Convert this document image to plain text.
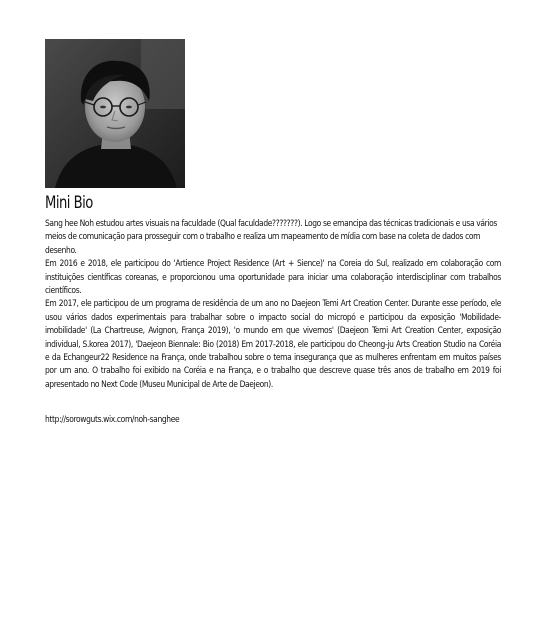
Mini Bio

Sang hee Noh estudou artes visuais na faculdade (Qual faculdade???????). Logo se emancipa das técnicas tradicionais e usa vários meios de comunicação para prosseguir com o trabalho e realiza um mapeamento de mídia com base na coleta de dados com desenho.

Em 2016 e 2018, ele participou do 'Artience Project Residence (Art + Sience)' na Coreia do Sul, realizado em colaboração com instituições científicas coreanas, e proporcionou uma oportunidade para iniciar uma colaboração interdisciplinar com trabalhos científicos.

Em 2017, ele participou de um programa de residência de um ano no Daejeon Temi Art Creation Center. Durante esse período, ele usou vários dados experimentais para trabalhar sobre o impacto social do micropó e participou da exposição 'Mobilidade-imobilidade' (La Chartreuse, Avignon, França 2019), 'o mundo em que vivemos' (Daejeon Temi Art Creation Center, exposição individual, S.korea 2017), 'Daejeon Biennale: Bio (2018) Em 2017-2018, ele participou do Cheong-ju Arts Creation Studio na Coréia e da Echangeur22 Residence na França, onde trabalhou sobre o tema insegurança que as mulheres enfrentam em muitos países por um ano. O trabalho foi exibido na Coréia e na França, e o trabalho que descreve quase três anos de trabalho em 2019 foi apresentado no Next Code (Museu Municipal de Arte de Daejeon).

http://sorowguts.wix.com/noh-sanghee
